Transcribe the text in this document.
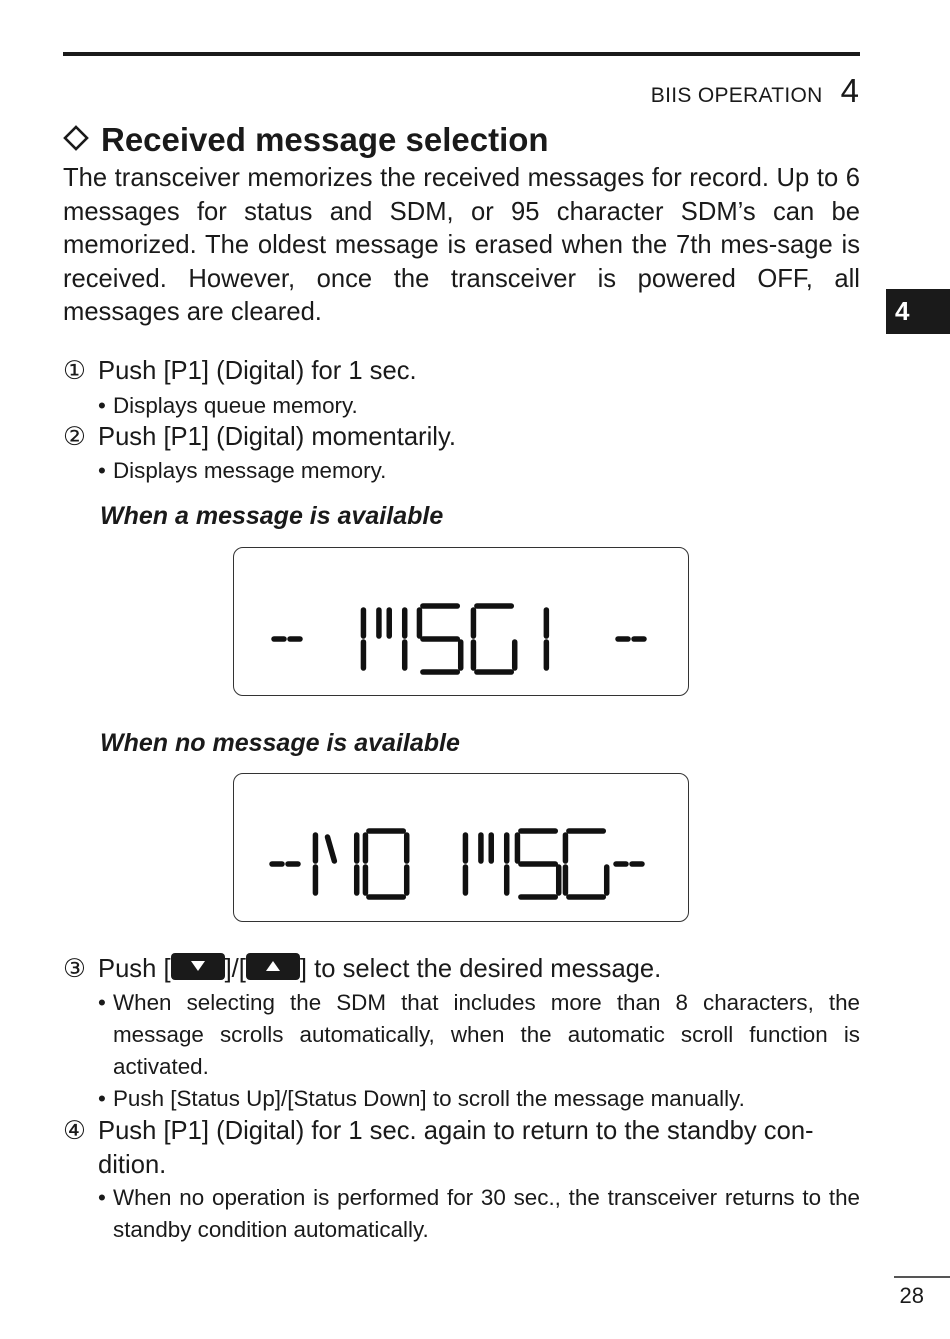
BIIS OPERATION 4
4
Received message selection

The transceiver memorizes the received messages for record. Up to 6 messages for status and SDM, or 95 character SDM’s can be memorized. The oldest message is erased when the 7th mes-sage is received. However, once the transceiver is powered OFF, all messages are cleared.

① Push [P1] (Digital) for 1 sec.
• Displays queue memory.
② Push [P1] (Digital) momentarily.
• Displays message memory.
When a message is available
When no message is available
③ Push [ ]/[ ] to select the desired message.
• When selecting the SDM that includes more than 8 characters, the message scrolls automatically, when the automatic scroll function is activated.
• Push [Status Up]/[Status Down] to scroll the message manually.
④ Push [P1] (Digital) for 1 sec. again to return to the standby con-
dition.
• When no operation is performed for 30 sec., the transceiver returns to the standby condition automatically.
28
